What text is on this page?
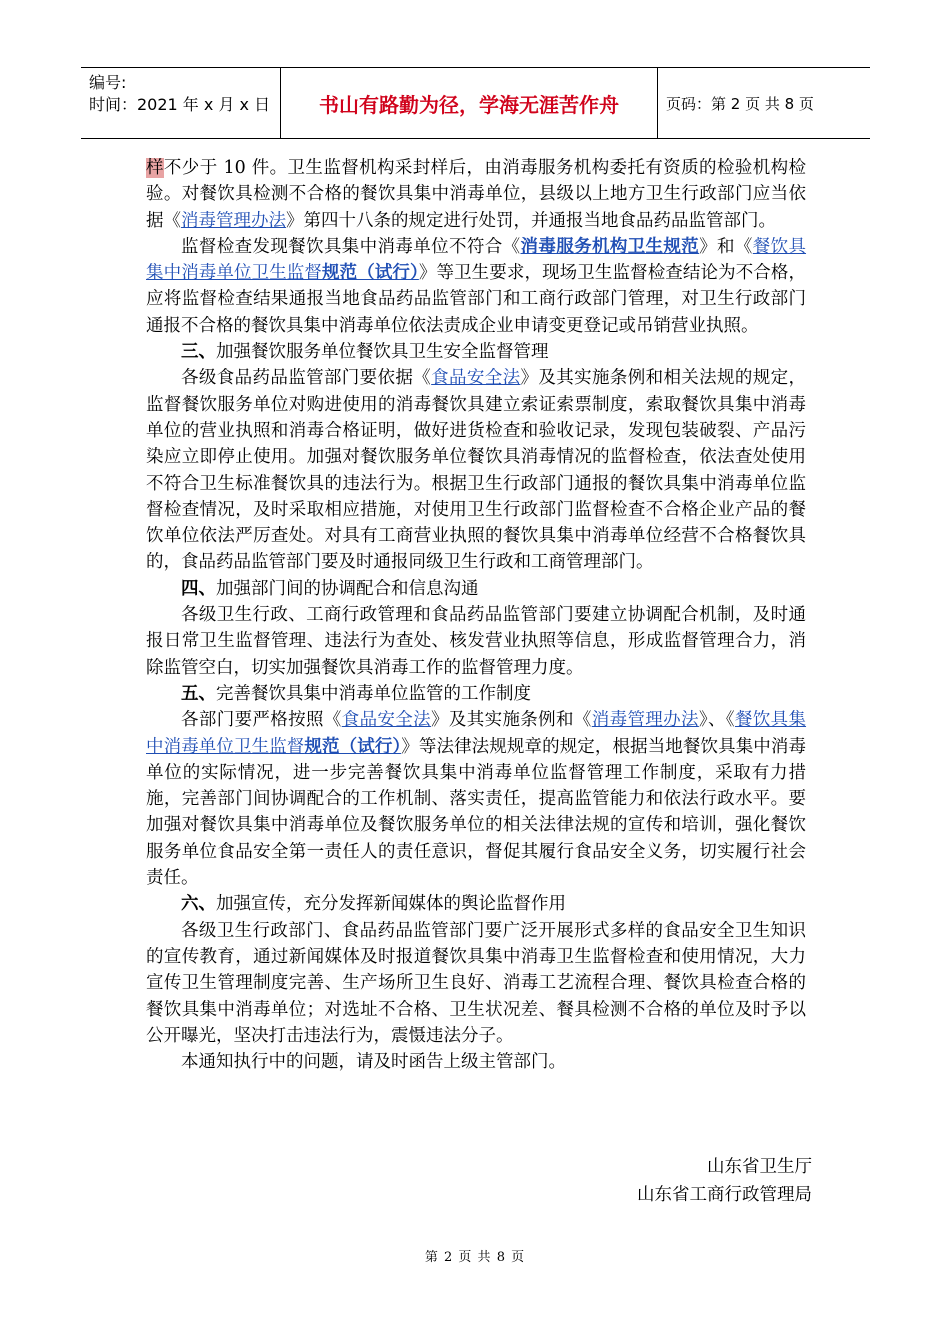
编号:
时间：2021 年 x 月 x 日	书山有路勤为径，学海无涯苦作舟	页码：第 2 页 共 8 页

样不少于 10 件。卫生监督机构采封样后，由消毒服务机构委托有资质的检验机构检验。对餐饮具检测不合格的餐饮具集中消毒单位，县级以上地方卫生行政部门应当依据《消毒管理办法》第四十八条的规定进行处罚，并通报当地食品药品监管部门。

监督检查发现餐饮具集中消毒单位不符合《消毒服务机构卫生规范》和《餐饮具集中消毒单位卫生监督规范（试行）》等卫生要求，现场卫生监督检查结论为不合格，应将监督检查结果通报当地食品药品监管部门和工商行政部门管理，对卫生行政部门通报不合格的餐饮具集中消毒单位依法责成企业申请变更登记或吊销营业执照。

三、加强餐饮服务单位餐饮具卫生安全监督管理

各级食品药品监管部门要依据《食品安全法》及其实施条例和相关法规的规定，监督餐饮服务单位对购进使用的消毒餐饮具建立索证索票制度，索取餐饮具集中消毒单位的营业执照和消毒合格证明，做好进货检查和验收记录，发现包装破裂、产品污染应立即停止使用。加强对餐饮服务单位餐饮具消毒情况的监督检查，依法查处使用不符合卫生标准餐饮具的违法行为。根据卫生行政部门通报的餐饮具集中消毒单位监督检查情况，及时采取相应措施，对使用卫生行政部门监督检查不合格企业产品的餐饮单位依法严厉查处。对具有工商营业执照的餐饮具集中消毒单位经营不合格餐饮具的，食品药品监管部门要及时通报同级卫生行政和工商管理部门。

四、加强部门间的协调配合和信息沟通

各级卫生行政、工商行政管理和食品药品监管部门要建立协调配合机制，及时通报日常卫生监督管理、违法行为查处、核发营业执照等信息，形成监督管理合力，消除监管空白，切实加强餐饮具消毒工作的监督管理力度。

五、完善餐饮具集中消毒单位监管的工作制度

各部门要严格按照《食品安全法》及其实施条例和《消毒管理办法》、《餐饮具集中消毒单位卫生监督规范（试行）》等法律法规规章的规定，根据当地餐饮具集中消毒单位的实际情况，进一步完善餐饮具集中消毒单位监督管理工作制度，采取有力措施，完善部门间协调配合的工作机制、落实责任，提高监管能力和依法行政水平。要加强对餐饮具集中消毒单位及餐饮服务单位的相关法律法规的宣传和培训，强化餐饮服务单位食品安全第一责任人的责任意识，督促其履行食品安全义务，切实履行社会责任。

六、加强宣传，充分发挥新闻媒体的舆论监督作用

各级卫生行政部门、食品药品监管部门要广泛开展形式多样的食品安全卫生知识的宣传教育，通过新闻媒体及时报道餐饮具集中消毒卫生监督检查和使用情况，大力宣传卫生管理制度完善、生产场所卫生良好、消毒工艺流程合理、餐饮具检查合格的餐饮具集中消毒单位；对选址不合格、卫生状况差、餐具检测不合格的单位及时予以公开曝光，坚决打击违法行为，震慑违法分子。

本通知执行中的问题，请及时函告上级主管部门。

山东省卫生厅
山东省工商行政管理局
第 2 页 共 8 页
